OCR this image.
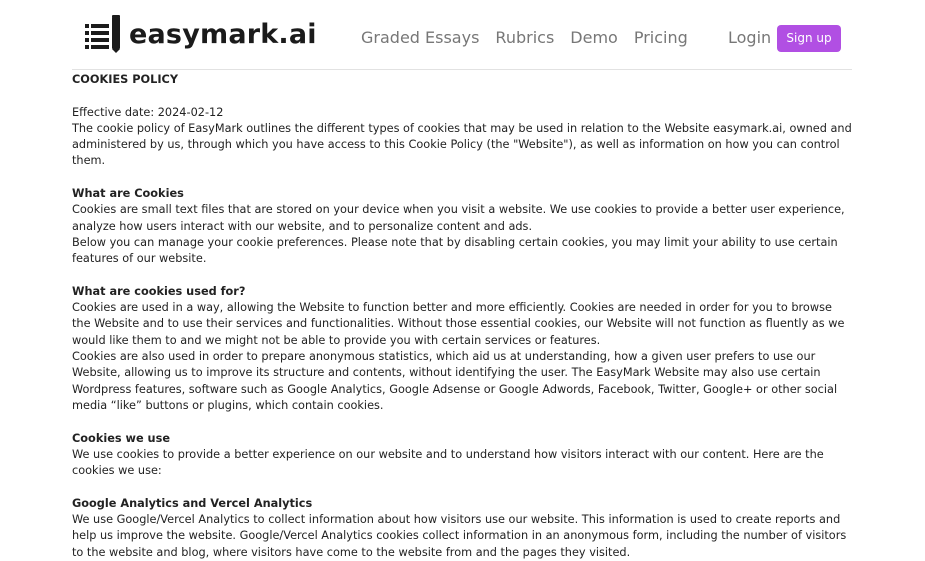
easymark.ai	Graded Essays Rubrics Demo Pricing	Login	Sign up

COOKIES POLICY

Effective date: 2024-02-12

The cookie policy of EasyMark outlines the different types of cookies that may be used in relation to the Website easymark.ai, owned and administered by us, through which you have access to this Cookie Policy (the "Website"), as well as information on how you can control them.

What are Cookies

Cookies are small text files that are stored on your device when you visit a website. We use cookies to provide a better user experience, analyze how users interact with our website, and to personalize content and ads.

Below you can manage your cookie preferences. Please note that by disabling certain cookies, you may limit your ability to use certain features of our website.

What are cookies used for?

Cookies are used in a way, allowing the Website to function better and more efficiently. Cookies are needed in order for you to browse the Website and to use their services and functionalities. Without those essential cookies, our Website will not function as fluently as we would like them to and we might not be able to provide you with certain services or features.

Cookies are also used in order to prepare anonymous statistics, which aid us at understanding, how a given user prefers to use our Website, allowing us to improve its structure and contents, without identifying the user. The EasyMark Website may also use certain Wordpress features, software such as Google Analytics, Google Adsense or Google Adwords, Facebook, Twitter, Google+ or other social media “like” buttons or plugins, which contain cookies.

Cookies we use

We use cookies to provide a better experience on our website and to understand how visitors interact with our content. Here are the cookies we use:

Google Analytics and Vercel Analytics

We use Google/Vercel Analytics to collect information about how visitors use our website. This information is used to create reports and help us improve the website. Google/Vercel Analytics cookies collect information in an anonymous form, including the number of visitors to the website and blog, where visitors have come to the website from and the pages they visited.
